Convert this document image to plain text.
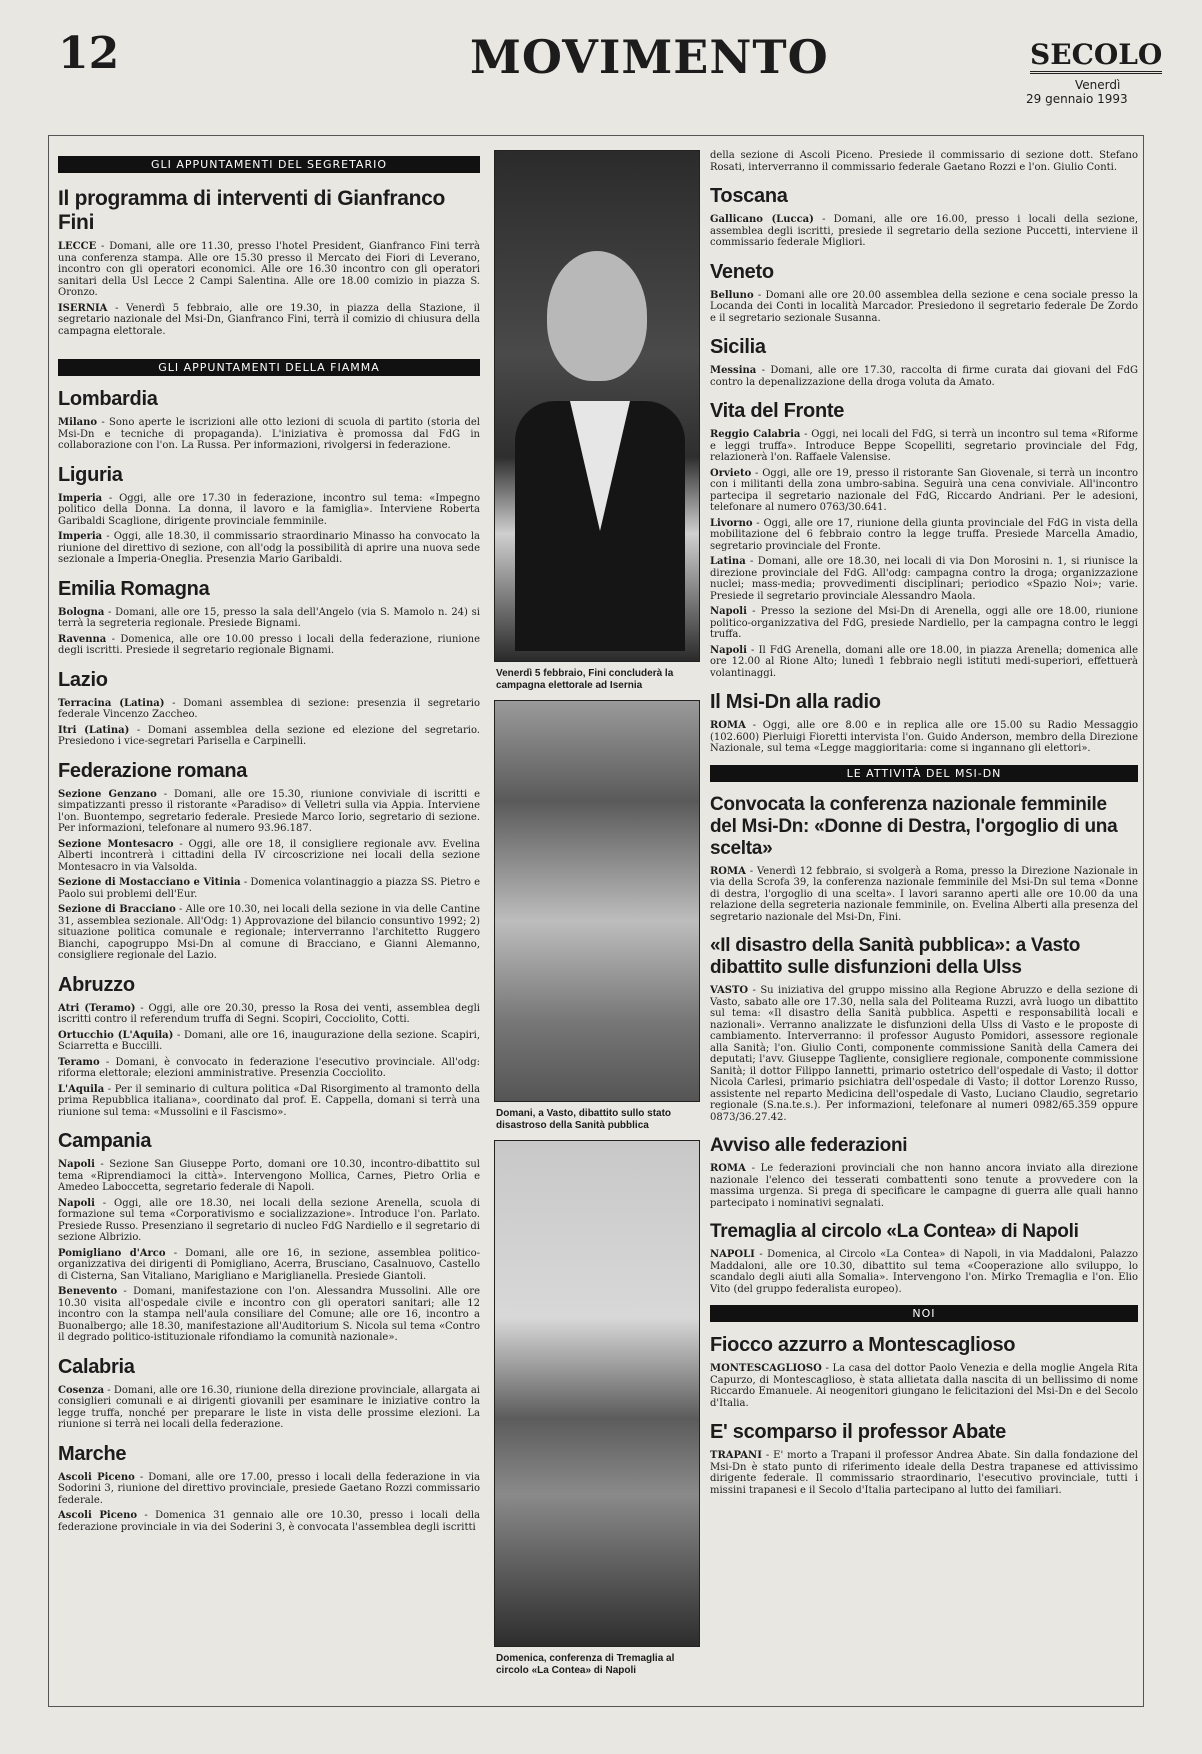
12	MOVIMENTO	SECOLO
Venerdì
29 gennaio 1993
GLI APPUNTAMENTI DEL SEGRETARIO
Il programma di interventi di Gianfranco Fini
LECCE - Domani, alle ore 11.30, presso l'hotel President, Gianfranco Fini terrà una conferenza stampa. Alle ore 15.30 presso il Mercato dei Fiori di Leverano, incontro con gli operatori economici. Alle ore 16.30 incontro con gli operatori sanitari della Usl Lecce 2 Campi Salentina. Alle ore 18.00 comizio in piazza S. Oronzo.
ISERNIA - Venerdì 5 febbraio, alle ore 19.30, in piazza della Stazione, il segretario nazionale del Msi-Dn, Gianfranco Fini, terrà il comizio di chiusura della campagna elettorale.
GLI APPUNTAMENTI DELLA FIAMMA
Lombardia
Milano - Sono aperte le iscrizioni alle otto lezioni di scuola di partito (storia del Msi-Dn e tecniche di propaganda). L'iniziativa è promossa dal FdG in collaborazione con l'on. La Russa. Per informazioni, rivolgersi in federazione.
Liguria
Imperia - Oggi, alle ore 17.30 in federazione, incontro sul tema: «Impegno politico della Donna. La donna, il lavoro e la famiglia». Interviene Roberta Garibaldi Scaglione, dirigente provinciale femminile.
Imperia - Oggi, alle 18.30, il commissario straordinario Minasso ha convocato la riunione del direttivo di sezione, con all'odg la possibilità di aprire una nuova sede sezionale a Imperia-Oneglia. Presenzia Mario Garibaldi.
Emilia Romagna
Bologna - Domani, alle ore 15, presso la sala dell'Angelo (via S. Mamolo n. 24) si terrà la segreteria regionale. Presiede Bignami.
Ravenna - Domenica, alle ore 10.00 presso i locali della federazione, riunione degli iscritti. Presiede il segretario regionale Bignami.
Lazio
Terracina (Latina) - Domani assemblea di sezione: presenzia il segretario federale Vincenzo Zaccheo.
Itri (Latina) - Domani assemblea della sezione ed elezione del segretario. Presiedono i vice-segretari Parisella e Carpinelli.
Federazione romana
Sezione Genzano - Domani, alle ore 15.30, riunione conviviale di iscritti e simpatizzanti presso il ristorante «Paradiso» di Velletri sulla via Appia. Interviene l'on. Buontempo, segretario federale. Presiede Marco Iorio, segretario di sezione. Per informazioni, telefonare al numero 93.96.187.
Sezione Montesacro - Oggi, alle ore 18, il consigliere regionale avv. Evelina Alberti incontrerà i cittadini della IV circoscrizione nei locali della sezione Montesacro in via Valsolda.
Sezione di Mostacciano e Vitinia - Domenica volantinaggio a piazza SS. Pietro e Paolo sui problemi dell'Eur.
Sezione di Bracciano - Alle ore 10.30, nei locali della sezione in via delle Cantine 31, assemblea sezionale. All'Odg: 1) Approvazione del bilancio consuntivo 1992; 2) situazione politica comunale e regionale; interverranno l'architetto Ruggero Bianchi, capogruppo Msi-Dn al comune di Bracciano, e Gianni Alemanno, consigliere regionale del Lazio.
Abruzzo
Atri (Teramo) - Oggi, alle ore 20.30, presso la Rosa dei venti, assemblea degli iscritti contro il referendum truffa di Segni. Scopiri, Cocciolito, Cotti.
Ortucchio (L'Aquila) - Domani, alle ore 16, inaugurazione della sezione. Scapiri, Sciarretta e Buccilli.
Teramo - Domani, è convocato in federazione l'esecutivo provinciale. All'odg: riforma elettorale; elezioni amministrative. Presenzia Cocciolito.
L'Aquila - Per il seminario di cultura politica «Dal Risorgimento al tramonto della prima Repubblica italiana», coordinato dal prof. E. Cappella, domani si terrà una riunione sul tema: «Mussolini e il Fascismo».
Campania
Napoli - Sezione San Giuseppe Porto, domani ore 10.30, incontro-dibattito sul tema «Riprendiamoci la città». Intervengono Mollica, Carnes, Pietro Orlia e Amedeo Laboccetta, segretario federale di Napoli.
Napoli - Oggi, alle ore 18.30, nei locali della sezione Arenella, scuola di formazione sul tema «Corporativismo e socializzazione». Introduce l'on. Parlato. Presiede Russo. Presenziano il segretario di nucleo FdG Nardiello e il segretario di sezione Albrizio.
Pomigliano d'Arco - Domani, alle ore 16, in sezione, assemblea politico-organizzativa dei dirigenti di Pomigliano, Acerra, Brusciano, Casalnuovo, Castello di Cisterna, San Vitaliano, Marigliano e Mariglianella. Presiede Giantoli.
Benevento - Domani, manifestazione con l'on. Alessandra Mussolini. Alle ore 10.30 visita all'ospedale civile e incontro con gli operatori sanitari; alle 12 incontro con la stampa nell'aula consiliare del Comune; alle ore 16, incontro a Buonalbergo; alle 18.30, manifestazione all'Auditorium S. Nicola sul tema «Contro il degrado politico-istituzionale rifondiamo la comunità nazionale».
Calabria
Cosenza - Domani, alle ore 16.30, riunione della direzione provinciale, allargata ai consiglieri comunali e ai dirigenti giovanili per esaminare le iniziative contro la legge truffa, nonché per preparare le liste in vista delle prossime elezioni. La riunione si terrà nei locali della federazione.
Marche
Ascoli Piceno - Domani, alle ore 17.00, presso i locali della federazione in via Sodorini 3, riunione del direttivo provinciale, presiede Gaetano Rozzi commissario federale.
Ascoli Piceno - Domenica 31 gennaio alle ore 10.30, presso i locali della federazione provinciale in via dei Soderini 3, è convocata l'assemblea degli iscritti
Venerdì 5 febbraio, Fini concluderà la campagna elettorale ad Isernia
Domani, a Vasto, dibattito sullo stato disastroso della Sanità pubblica
Domenica, conferenza di Tremaglia al circolo «La Contea» di Napoli
della sezione di Ascoli Piceno. Presiede il commissario di sezione dott. Stefano Rosati, interverranno il commissario federale Gaetano Rozzi e l'on. Giulio Conti.
Toscana
Gallicano (Lucca) - Domani, alle ore 16.00, presso i locali della sezione, assemblea degli iscritti, presiede il segretario della sezione Puccetti, interviene il commissario federale Migliori.
Veneto
Belluno - Domani alle ore 20.00 assemblea della sezione e cena sociale presso la Locanda dei Conti in località Marcador. Presiedono il segretario federale De Zordo e il segretario sezionale Susanna.
Sicilia
Messina - Domani, alle ore 17.30, raccolta di firme curata dai giovani del FdG contro la depenalizzazione della droga voluta da Amato.
Vita del Fronte
Reggio Calabria - Oggi, nei locali del FdG, si terrà un incontro sul tema «Riforme e leggi truffa». Introduce Beppe Scopelliti, segretario provinciale del Fdg, relazionerà l'on. Raffaele Valensise.
Orvieto - Oggi, alle ore 19, presso il ristorante San Giovenale, si terrà un incontro con i militanti della zona umbro-sabina. Seguirà una cena conviviale. All'incontro partecipa il segretario nazionale del FdG, Riccardo Andriani. Per le adesioni, telefonare al numero 0763/30.641.
Livorno - Oggi, alle ore 17, riunione della giunta provinciale del FdG in vista della mobilitazione del 6 febbraio contro la legge truffa. Presiede Marcella Amadio, segretario provinciale del Fronte.
Latina - Domani, alle ore 18.30, nei locali di via Don Morosini n. 1, si riunisce la direzione provinciale del FdG. All'odg: campagna contro la droga; organizzazione nuclei; mass-media; provvedimenti disciplinari; periodico «Spazio Noi»; varie. Presiede il segretario provinciale Alessandro Maola.
Napoli - Presso la sezione del Msi-Dn di Arenella, oggi alle ore 18.00, riunione politico-organizzativa del FdG, presiede Nardiello, per la campagna contro le leggi truffa.
Napoli - Il FdG Arenella, domani alle ore 18.00, in piazza Arenella; domenica alle ore 12.00 al Rione Alto; lunedì 1 febbraio negli istituti medi-superiori, effettuerà volantinaggi.
Il Msi-Dn alla radio
ROMA - Oggi, alle ore 8.00 e in replica alle ore 15.00 su Radio Messaggio (102.600) Pierluigi Fioretti intervista l'on. Guido Anderson, membro della Direzione Nazionale, sul tema «Legge maggioritaria: come si ingannano gli elettori».
LE ATTIVITÀ DEL MSI-DN
Convocata la conferenza nazionale femminile del Msi-Dn: «Donne di Destra, l'orgoglio di una scelta»
ROMA - Venerdì 12 febbraio, si svolgerà a Roma, presso la Direzione Nazionale in via della Scrofa 39, la conferenza nazionale femminile del Msi-Dn sul tema «Donne di destra, l'orgoglio di una scelta». I lavori saranno aperti alle ore 10.00 da una relazione della segreteria nazionale femminile, on. Evelina Alberti alla presenza del segretario nazionale del Msi-Dn, Fini.
«Il disastro della Sanità pubblica»: a Vasto dibattito sulle disfunzioni della Ulss
VASTO - Su iniziativa del gruppo missino alla Regione Abruzzo e della sezione di Vasto, sabato alle ore 17.30, nella sala del Politeama Ruzzi, avrà luogo un dibattito sul tema: «Il disastro della Sanità pubblica. Aspetti e responsabilità locali e nazionali». Verranno analizzate le disfunzioni della Ulss di Vasto e le proposte di cambiamento. Interverranno: il professor Augusto Pomidori, assessore regionale alla Sanità; l'on. Giulio Conti, componente commissione Sanità della Camera dei deputati; l'avv. Giuseppe Tagliente, consigliere regionale, componente commissione Sanità; il dottor Filippo Iannetti, primario ostetrico dell'ospedale di Vasto; il dottor Nicola Carlesi, primario psichiatra dell'ospedale di Vasto; il dottor Lorenzo Russo, assistente nel reparto Medicina dell'ospedale di Vasto, Luciano Claudio, segretario regionale (S.na.te.s.). Per informazioni, telefonare al numeri 0982/65.359 oppure 0873/36.27.42.
Avviso alle federazioni
ROMA - Le federazioni provinciali che non hanno ancora inviato alla direzione nazionale l'elenco dei tesserati combattenti sono tenute a provvedere con la massima urgenza. Si prega di specificare le campagne di guerra alle quali hanno partecipato i nominativi segnalati.
Tremaglia al circolo «La Contea» di Napoli
NAPOLI - Domenica, al Circolo «La Contea» di Napoli, in via Maddaloni, Palazzo Maddaloni, alle ore 10.30, dibattito sul tema «Cooperazione allo sviluppo, lo scandalo degli aiuti alla Somalia». Intervengono l'on. Mirko Tremaglia e l'on. Elio Vito (del gruppo federalista europeo).
NOI
Fiocco azzurro a Montescaglioso
MONTESCAGLIOSO - La casa del dottor Paolo Venezia e della moglie Angela Rita Capurzo, di Montescaglioso, è stata allietata dalla nascita di un bellissimo di nome Riccardo Emanuele. Ai neogenitori giungano le felicitazioni del Msi-Dn e del Secolo d'Italia.
E' scomparso il professor Abate
TRAPANI - E' morto a Trapani il professor Andrea Abate. Sin dalla fondazione del Msi-Dn è stato punto di riferimento ideale della Destra trapanese ed attivissimo dirigente federale. Il commissario straordinario, l'esecutivo provinciale, tutti i missini trapanesi e il Secolo d'Italia partecipano al lutto dei familiari.
